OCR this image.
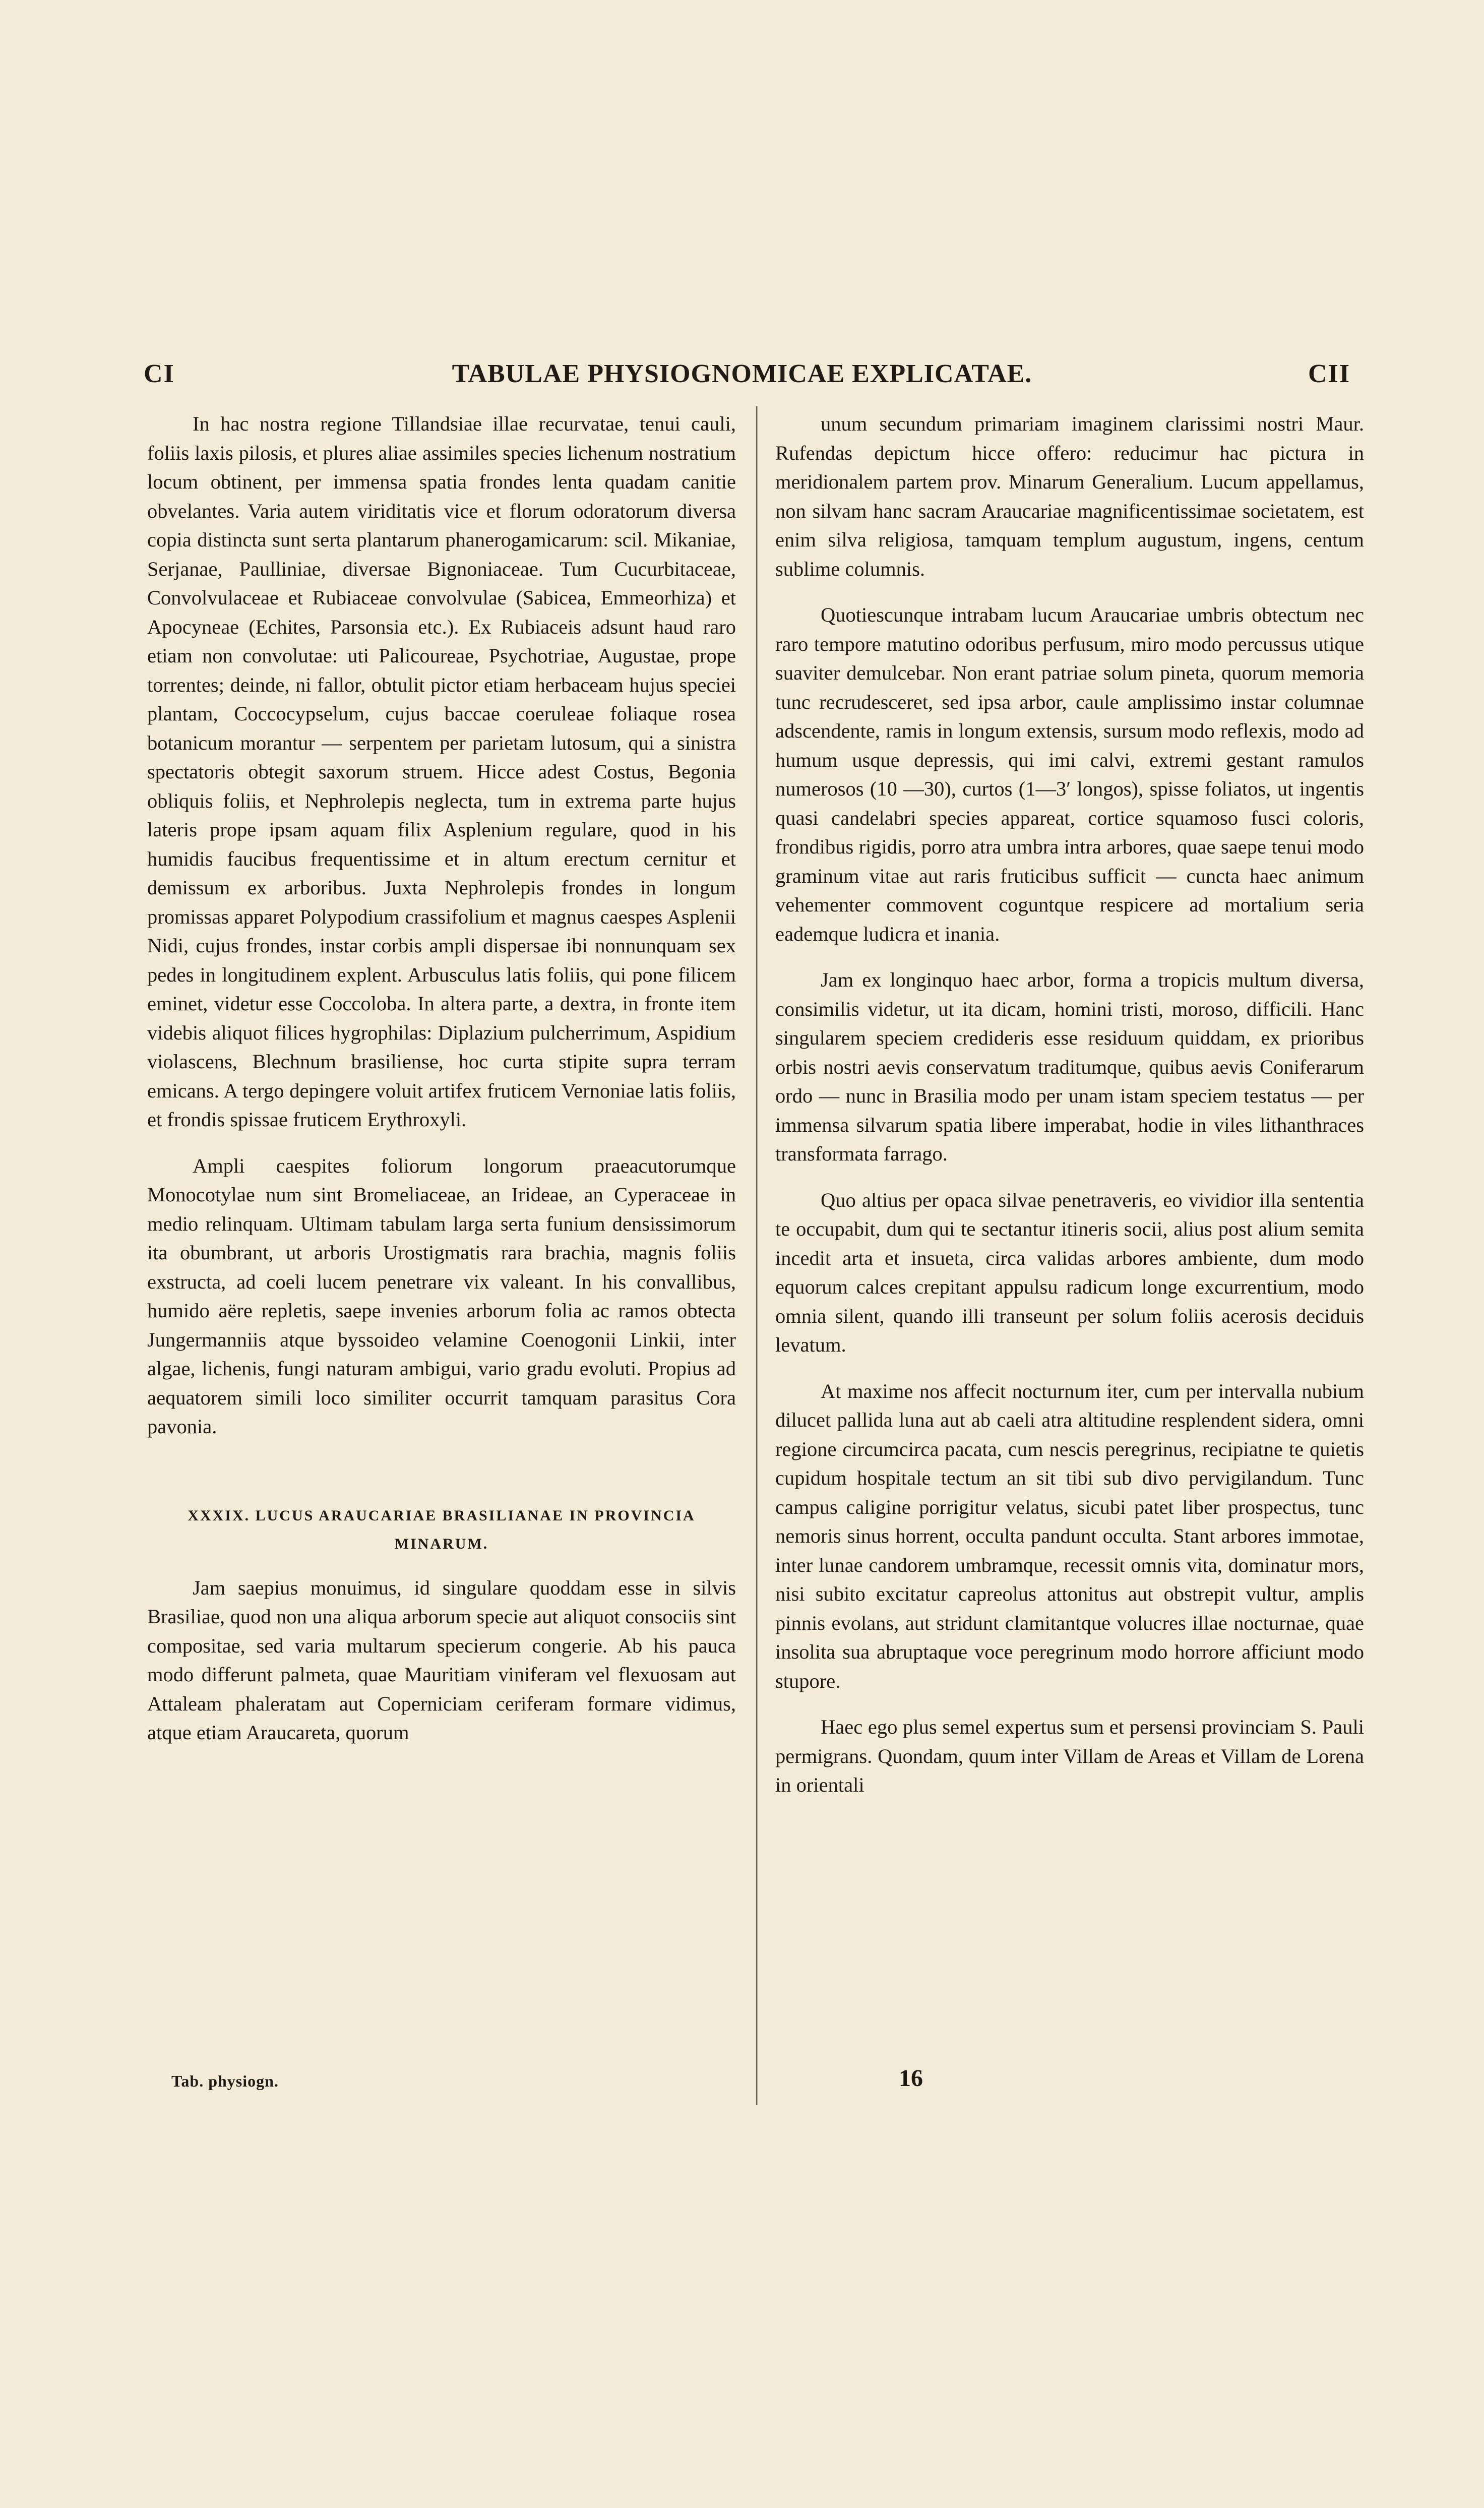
CI	TABULAE PHYSIOGNOMICAE EXPLICATAE.	CII

In hac nostra regione Tillandsiae illae recurvatae, tenui cauli, foliis laxis pilosis, et plures aliae assimiles species lichenum nostratium locum obtinent, per immensa spatia frondes lenta quadam canitie obvelantes. Varia autem viriditatis vice et florum odoratorum diversa copia distincta sunt serta plantarum phanerogamicarum: scil. Mikaniae, Serjanae, Paulliniae, diversae Bignoniaceae. Tum Cucurbitaceae, Convolvulaceae et Rubiaceae convolvulae (Sabicea, Emmeorhiza) et Apocyneae (Echites, Parsonsia etc.). Ex Rubiaceis adsunt haud raro etiam non convolutae: uti Palicoureae, Psychotriae, Augustae, prope torrentes; deinde, ni fallor, obtulit pictor etiam herbaceam hujus speciei plantam, Coccocypselum, cujus baccae coeruleae foliaque rosea botanicum morantur — serpentem per parietam lutosum, qui a sinistra spectatoris obtegit saxorum struem. Hicce adest Costus, Begonia obliquis foliis, et Nephrolepis neglecta, tum in extrema parte hujus lateris prope ipsam aquam filix Asplenium regulare, quod in his humidis faucibus frequentissime et in altum erectum cernitur et demissum ex arboribus. Juxta Nephrolepis frondes in longum promissas apparet Polypodium crassifolium et magnus caespes Asplenii Nidi, cujus frondes, instar corbis ampli dispersae ibi nonnunquam sex pedes in longitudinem explent. Arbusculus latis foliis, qui pone filicem eminet, videtur esse Coccoloba. In altera parte, a dextra, in fronte item videbis aliquot filices hygrophilas: Diplazium pulcherrimum, Aspidium violascens, Blechnum brasiliense, hoc curta stipite supra terram emicans. A tergo depingere voluit artifex fruticem Vernoniae latis foliis, et frondis spissae fruticem Erythroxyli.

Ampli caespites foliorum longorum praeacutorumque Monocotylae num sint Bromeliaceae, an Irideae, an Cyperaceae in medio relinquam. Ultimam tabulam larga serta funium densissimorum ita obumbrant, ut arboris Urostigmatis rara brachia, magnis foliis exstructa, ad coeli lucem penetrare vix valeant. In his convallibus, humido aëre repletis, saepe invenies arborum folia ac ramos obtecta Jungermanniis atque byssoideo velamine Coenogonii Linkii, inter algae, lichenis, fungi naturam ambigui, vario gradu evoluti. Propius ad aequatorem simili loco similiter occurrit tamquam parasitus Cora pavonia.

XXXIX. LUCUS ARAUCARIAE BRASILIANAE IN PROVINCIA MINARUM.

Jam saepius monuimus, id singulare quoddam esse in silvis Brasiliae, quod non una aliqua arborum specie aut aliquot consociis sint compositae, sed varia multarum specierum congerie. Ab his pauca modo differunt palmeta, quae Mauritiam viniferam vel flexuosam aut Attaleam phaleratam aut Coperniciam ceriferam formare vidimus, atque etiam Araucareta, quorum

unum secundum primariam imaginem clarissimi nostri Maur. Rufendas depictum hicce offero: reducimur hac pictura in meridionalem partem prov. Minarum Generalium. Lucum appellamus, non silvam hanc sacram Araucariae magnificentissimae societatem, est enim silva religiosa, tamquam templum augustum, ingens, centum sublime columnis.

Quotiescunque intrabam lucum Araucariae umbris obtectum nec raro tempore matutino odoribus perfusum, miro modo percussus utique suaviter demulcebar. Non erant patriae solum pineta, quorum memoria tunc recrudesceret, sed ipsa arbor, caule amplissimo instar columnae adscendente, ramis in longum extensis, sursum modo reflexis, modo ad humum usque depressis, qui imi calvi, extremi gestant ramulos numerosos (10 —30), curtos (1—3′ longos), spisse foliatos, ut ingentis quasi candelabri species appareat, cortice squamoso fusci coloris, frondibus rigidis, porro atra umbra intra arbores, quae saepe tenui modo graminum vitae aut raris fruticibus sufficit — cuncta haec animum vehementer commovent coguntque respicere ad mortalium seria eademque ludicra et inania.

Jam ex longinquo haec arbor, forma a tropicis multum diversa, consimilis videtur, ut ita dicam, homini tristi, moroso, difficili. Hanc singularem speciem credideris esse residuum quiddam, ex prioribus orbis nostri aevis conservatum traditumque, quibus aevis Coniferarum ordo — nunc in Brasilia modo per unam istam speciem testatus — per immensa silvarum spatia libere imperabat, hodie in viles lithanthraces transformata farrago.

Quo altius per opaca silvae penetraveris, eo vividior illa sententia te occupabit, dum qui te sectantur itineris socii, alius post alium semita incedit arta et insueta, circa validas arbores ambiente, dum modo equorum calces crepitant appulsu radicum longe excurrentium, modo omnia silent, quando illi transeunt per solum foliis acerosis deciduis levatum.

At maxime nos affecit nocturnum iter, cum per intervalla nubium dilucet pallida luna aut ab caeli atra altitudine resplendent sidera, omni regione circumcirca pacata, cum nescis peregrinus, recipiatne te quietis cupidum hospitale tectum an sit tibi sub divo pervigilandum. Tunc campus caligine porrigitur velatus, sicubi patet liber prospectus, tunc nemoris sinus horrent, occulta pandunt occulta. Stant arbores immotae, inter lunae candorem umbramque, recessit omnis vita, dominatur mors, nisi subito excitatur capreolus attonitus aut obstrepit vultur, amplis pinnis evolans, aut stridunt clamitantque volucres illae nocturnae, quae insolita sua abruptaque voce peregrinum modo horrore afficiunt modo stupore.

Haec ego plus semel expertus sum et persensi provinciam S. Pauli permigrans. Quondam, quum inter Villam de Areas et Villam de Lorena in orientali

Tab. physiogn.	16
